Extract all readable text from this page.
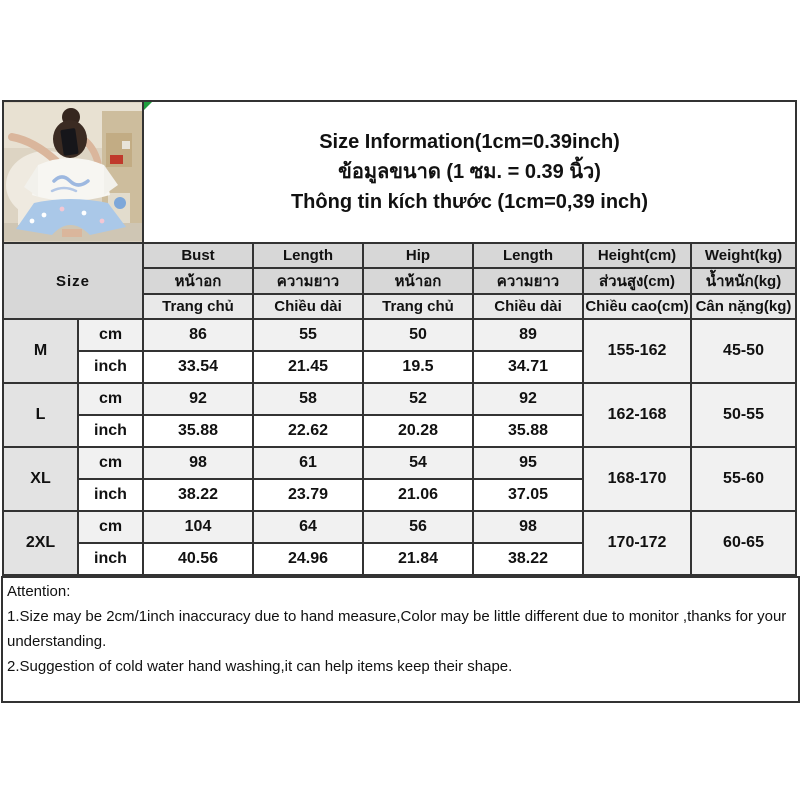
Size Information(1cm=0.39inch)
ข้อมูลขนาด (1 ซม. = 0.39 นิ้ว)
Thông tin kích thước (1cm=0,39 inch)					

Size		Bust	Length	Hip	Length	Height(cm)	Weight(kg)
		หน้าอก	ความยาว	หน้าอก	ความยาว	ส่วนสูง(cm)	น้ำหนัก(kg)
		Trang chủ	Chiều dài	Trang chủ	Chiều dài	Chiều cao(cm)	Cân nặng(kg)
M	cm	86	55	50	89	155-162	45-50
	inch	33.54	21.45	19.5	34.71		
L	cm	92	58	52	92	162-168	50-55
	inch	35.88	22.62	20.28	35.88		
XL	cm	98	61	54	95	168-170	55-60
	inch	38.22	23.79	21.06	37.05		
2XL	cm	104	64	56	98	170-172	60-65
	inch	40.56	24.96	21.84	38.22		
Attention:
1.Size may be 2cm/1inch inaccuracy due to hand measure,Color may be little different due to monitor ,thanks for your understanding.
2.Suggestion of cold water hand washing,it can help items keep their shape.
